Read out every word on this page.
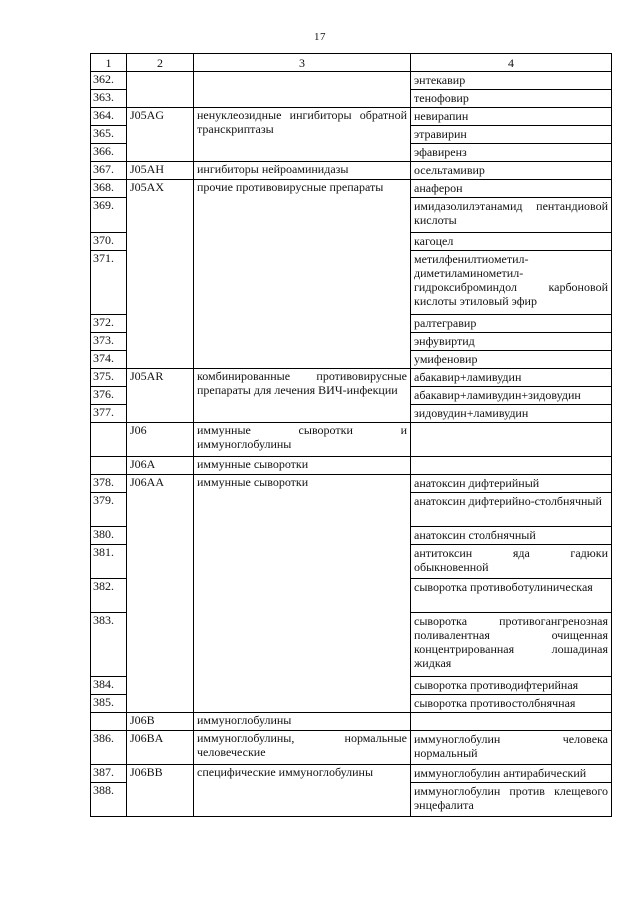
17
1	2	3	4
362.			энтекавир
363.			тенофовир
364.	J05AG	ненуклеозидные ингибиторы обратной транскриптазы	невирапин
365.			этравирин
366.			эфавиренз
367.	J05AH	ингибиторы нейроаминидазы	осельтамивир
368.	J05AX	прочие противовирусные препараты	анаферон
369.			имидазолилэтанамид пентандиовой кислоты
370.			кагоцел
371.			метилфенилтиометил-диметиламинометил-гидроксиброминдол карбоновой кислоты этиловый эфир
372.			ралтегравир
373.			энфувиртид
374.			умифеновир
375.	J05AR	комбинированные противовирусные препараты для лечения ВИЧ-инфекции	абакавир+ламивудин
376.			абакавир+ламивудин+зидовудин
377.			зидовудин+ламивудин
	J06	иммунные сыворотки и иммуноглобулины	
	J06A	иммунные сыворотки	
378.	J06AA	иммунные сыворотки	анатоксин дифтерийный
379.			анатоксин дифтерийно-столбнячный
380.			анатоксин столбнячный
381.			антитоксин яда гадюки обыкновенной
382.			сыворотка противоботулиническая
383.			сыворотка противогангренозная поливалентная очищенная концентрированная лошадиная жидкая
384.			сыворотка противодифтерийная
385.			сыворотка противостолбнячная
	J06B	иммуноглобулины	
386.	J06BA	иммуноглобулины, нормальные человеческие	иммуноглобулин человека нормальный
387.	J06BB	специфические иммуноглобулины	иммуноглобулин антирабический
388.			иммуноглобулин против клещевого энцефалита
